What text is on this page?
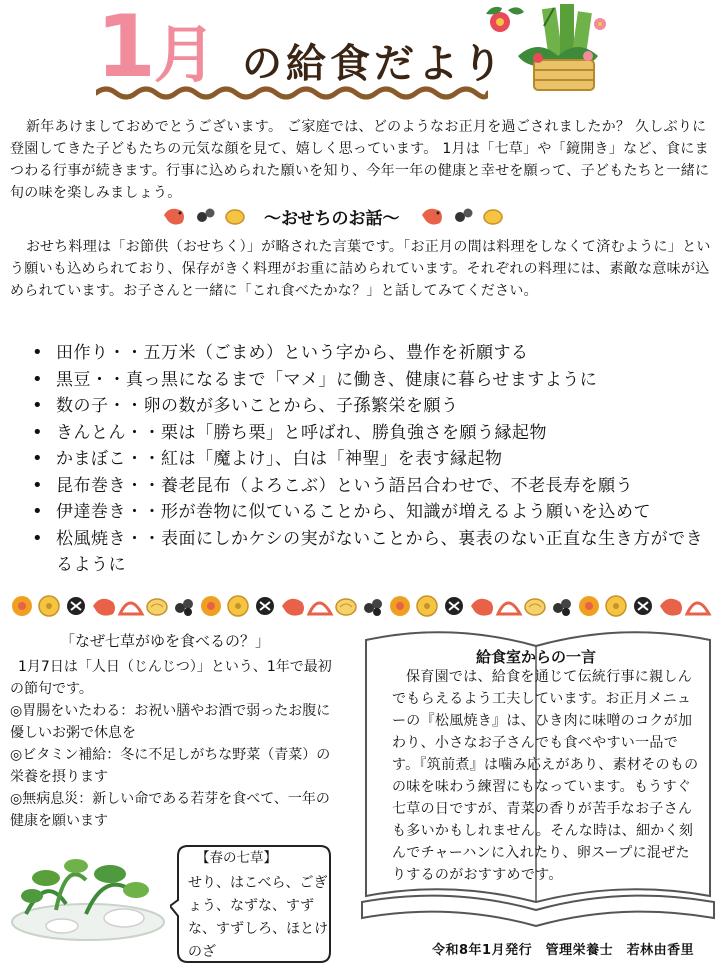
1月 の給食だより

新年あけましておめでとうございます。 ご家庭では、どのようなお正月を過ごされましたか？ 久しぶりに登園してきた子どもたちの元気な顔を見て、嬉しく思っています。 1月は「七草」や「鏡開き」など、食にまつわる行事が続きます。行事に込められた願いを知り、今年一年の健康と幸せを願って、子どもたちと一緒に旬の味を楽しみましょう。

～おせちのお話～

おせち料理は「お節供（おせちく）」が略された言葉です。「お正月の間は料理をしなくて済むように」という願いも込められており、保存がきく料理がお重に詰められています。それぞれの料理には、素敵な意味が込められています。お子さんと一緒に「これ食べたかな？」と話してみてください。

• 田作り・・五万米（ごまめ）という字から、豊作を祈願する
• 黒豆・・真っ黒になるまで「マメ」に働き、健康に暮らせますように
• 数の子・・卵の数が多いことから、子孫繁栄を願う
• きんとん・・栗は「勝ち栗」と呼ばれ、勝負強さを願う縁起物
• かまぼこ・・紅は「魔よけ」、白は「神聖」を表す縁起物
• 昆布巻き・・養老昆布（よろこぶ）という語呂合わせで、不老長寿を願う
• 伊達巻き・・形が巻物に似ていることから、知識が増えるよう願いを込めて
• 松風焼き・・表面にしかケシの実がないことから、裏表のない正直な生き方ができるように
「なぜ七草がゆを食べるの？」
1月7日は「人日（じんじつ）」という、1年で最初の節句です。
◎胃腸をいたわる：お祝い膳やお酒で弱ったお腹に優しいお粥で休息を
◎ビタミン補給：冬に不足しがちな野菜（青菜）の栄養を摂ります
◎無病息災：新しい命である若芽を食べて、一年の健康を願います
給食室からの一言

保育園では、給食を通じて伝統行事に親しんでもらえるよう工夫しています。お正月メニューの『松風焼き』は、ひき肉に味噌のコクが加わり、小さなお子さんでも食べやすい一品です。『筑前煮』は噛み応えがあり、素材そのものの味を味わう練習にもなっています。もうすぐ七草の日ですが、青菜の香りが苦手なお子さんも多いかもしれません。そんな時は、細かく刻んでチャーハンに入れたり、卵スープに混ぜたりするのがおすすめです。

【春の七草】
せり、はこべら、ごぎょう、なずな、すずな、すずしろ、ほとけのざ	令和8年1月発行　管理栄養士　若林由香里
